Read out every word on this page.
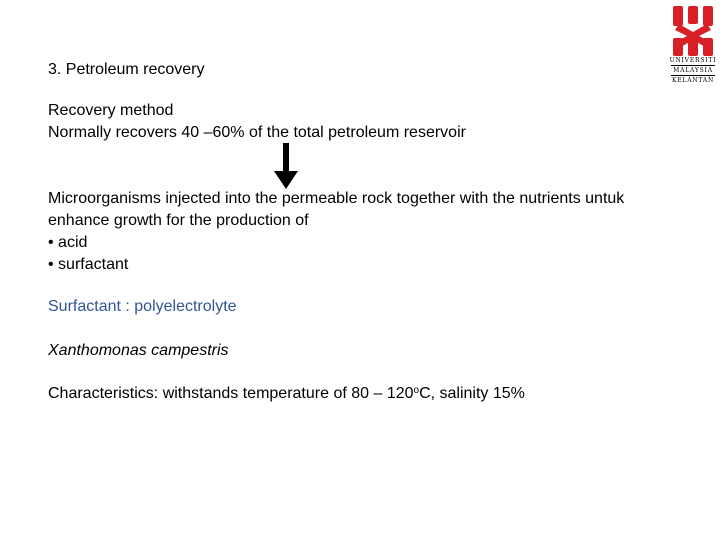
3. Petroleum recovery
Recovery method
Normally recovers 40 –60% of the total petroleum reservoir
Microorganisms injected into the permeable rock together with the nutrients untuk
enhance growth for the production of
• acid
• surfactant
Surfactant : polyelectrolyte
Xanthomonas campestris
Characteristics: withstands temperature of 80 – 120$^o$C, salinity 15%
UNIVERSITI
MALAYSIA
KELANTAN
